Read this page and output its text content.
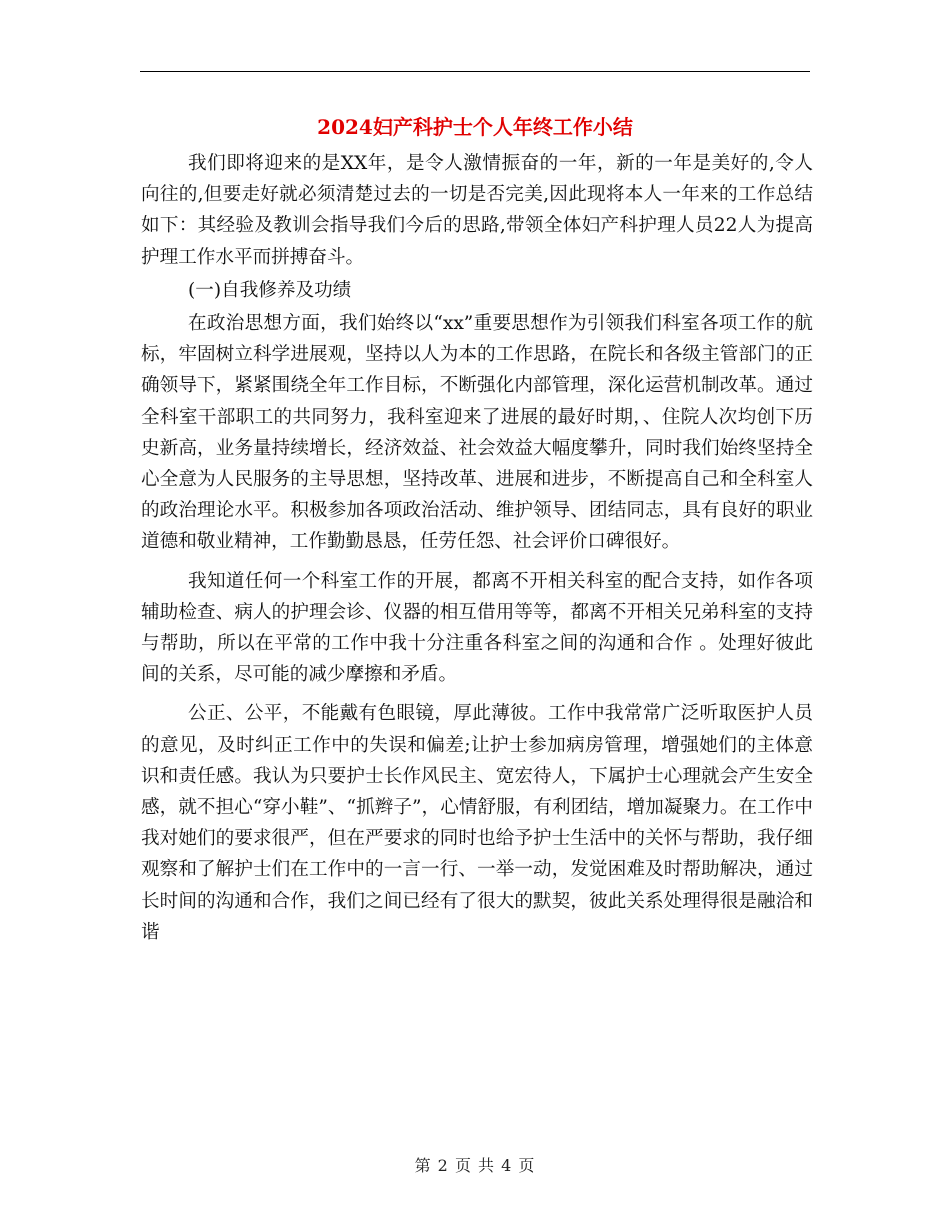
2024妇产科护士个人年终工作小结

我们即将迎来的是XX年，是令人激情振奋的一年，新的一年是美好的,令人向往的,但要走好就必须清楚过去的一切是否完美,因此现将本人一年来的工作总结如下：其经验及教训会指导我们今后的思路,带领全体妇产科护理人员22人为提高护理工作水平而拼搏奋斗。

(一)自我修养及功绩

在政治思想方面，我们始终以“xx”重要思想作为引领我们科室各项工作的航标，牢固树立科学进展观，坚持以人为本的工作思路，在院长和各级主管部门的正确领导下，紧紧围绕全年工作目标，不断强化内部管理，深化运营机制改革。通过全科室干部职工的共同努力，我科室迎来了进展的最好时期，、住院人次均创下历史新高，业务量持续增长，经济效益、社会效益大幅度攀升，同时我们始终坚持全心全意为人民服务的主导思想，坚持改革、进展和进步，不断提高自己和全科室人的政治理论水平。积极参加各项政治活动、维护领导、团结同志，具有良好的职业道德和敬业精神，工作勤勤恳恳，任劳任怨、社会评价口碑很好。

我知道任何一个科室工作的开展，都离不开相关科室的配合支持，如作各项辅助检查、病人的护理会诊、仪器的相互借用等等，都离不开相关兄弟科室的支持与帮助，所以在平常的工作中我十分注重各科室之间的沟通和合作 。处理好彼此间的关系，尽可能的减少摩擦和矛盾。

公正、公平，不能戴有色眼镜，厚此薄彼。工作中我常常广泛听取医护人员的意见，及时纠正工作中的失误和偏差;让护士参加病房管理，增强她们的主体意识和责任感。我认为只要护士长作风民主、宽宏待人，下属护士心理就会产生安全感，就不担心“穿小鞋”、“抓辫子”，心情舒服，有利团结，增加凝聚力。在工作中我对她们的要求很严，但在严要求的同时也给予护士生活中的关怀与帮助，我仔细观察和了解护士们在工作中的一言一行、一举一动，发觉困难及时帮助解决，通过长时间的沟通和合作，我们之间已经有了很大的默契，彼此关系处理得很是融洽和谐

第 2 页 共 4 页
